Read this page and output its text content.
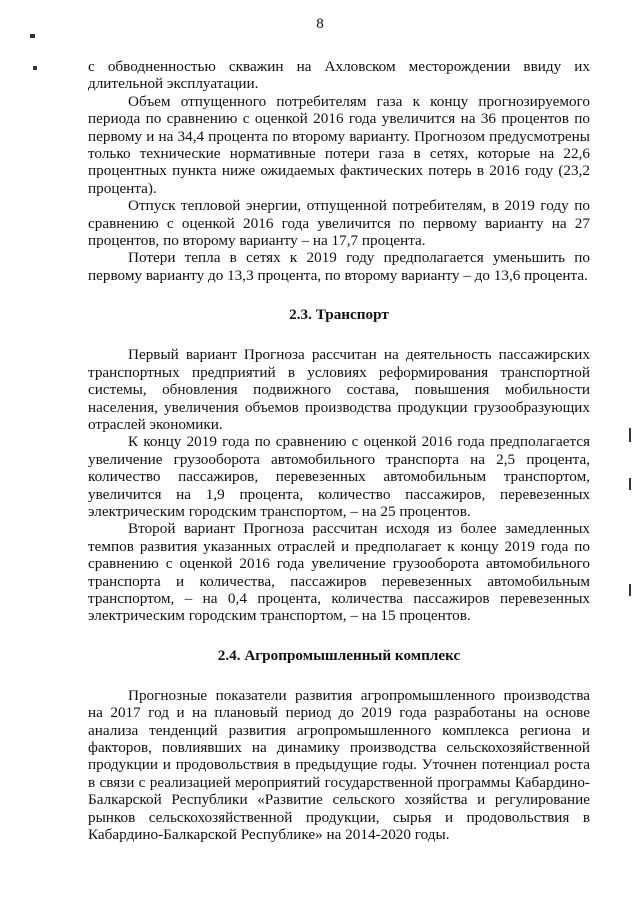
8

с обводненностью скважин на Ахловском месторождении ввиду их длительной эксплуатации.

Объем отпущенного потребителям газа к концу прогнозируемого периода по сравнению с оценкой 2016 года увеличится на 36 процентов по первому и на 34,4 процента по второму варианту. Прогнозом предусмотрены только технические нормативные потери газа в сетях, которые на 22,6 процентных пункта ниже ожидаемых фактических потерь в 2016 году (23,2 процента).

Отпуск тепловой энергии, отпущенной потребителям, в 2019 году по сравнению с оценкой 2016 года увеличится по первому варианту на 27 процентов, по второму варианту – на 17,7 процента.

Потери тепла в сетях к 2019 году предполагается уменьшить по первому варианту до 13,3 процента, по второму варианту – до 13,6 процента.

2.3. Транспорт

Первый вариант Прогноза рассчитан на деятельность пассажирских транспортных предприятий в условиях реформирования транспортной системы, обновления подвижного состава, повышения мобильности населения, увеличения объемов производства продукции грузообразующих отраслей экономики.

К концу 2019 года по сравнению с оценкой 2016 года предполагается увеличение грузооборота автомобильного транспорта на 2,5 процента, количество пассажиров, перевезенных автомобильным транспортом, увеличится на 1,9 процента, количество пассажиров, перевезенных электрическим городским транспортом, – на 25 процентов.

Второй вариант Прогноза рассчитан исходя из более замедленных темпов развития указанных отраслей и предполагает к концу 2019 года по сравнению с оценкой 2016 года увеличение грузооборота автомобильного транспорта и количества, пассажиров перевезенных автомобильным транспортом, – на 0,4 процента, количества пассажиров перевезенных электрическим городским транспортом, – на 15 процентов.

2.4. Агропромышленный комплекс

Прогнозные показатели развития агропромышленного производства на 2017 год и на плановый период до 2019 года разработаны на основе анализа тенденций развития агропромышленного комплекса региона и факторов, повлиявших на динамику производства сельскохозяйственной продукции и продовольствия в предыдущие годы. Уточнен потенциал роста в связи с реализацией мероприятий государственной программы Кабардино-Балкарской Республики «Развитие сельского хозяйства и регулирование рынков сельскохозяйственной продукции, сырья и продовольствия в Кабардино-Балкарской Республике» на 2014-2020 годы.
